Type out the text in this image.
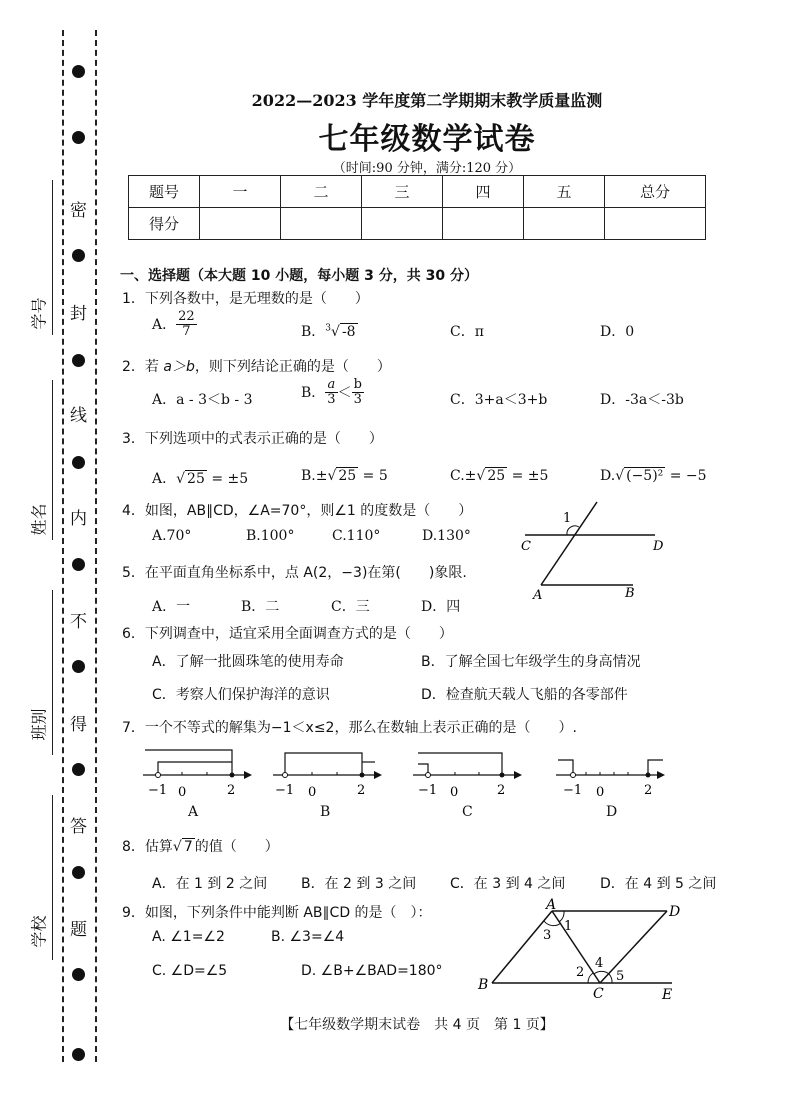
密
封
线
内
不
得
答
题
学号
姓名
班别
学校
2022—2023 学年度第二学期期末教学质量监测
七年级数学试卷
（时间:90 分钟，满分:120 分）
题号	一	二	三	四	五	总分
得分						
一、选择题（本大题 10 小题，每小题 3 分，共 30 分）
1．下列各数中，是无理数的是（　　）
A． $\frac{22}{7}$	B．$^3$√ -8	C．π	D．0
2．若 a＞b，则下列结论正确的是（　　）
A．a - 3＜b - 3	B． $\frac{a}{3} < \frac{b}{3}$	C．3+a＜3+b	D．-3a＜-3b
3．下列选项中的式表示正确的是（　　）
A．√ 25 = ±5	B.±√ 25 = 5	C.±√ 25 = ±5	D.√ (−5)² = −5
4．如图，AB∥CD，∠A=70°，则∠1 的度数是（　　）
A.70°	B.100°	C.110°	D.130°
1
C	D
A	B
5．在平面直角坐标系中，点 A(2，−3)在第(　　)象限.
A．一	B．二	C．三	D．四
6．下列调查中，适宜采用全面调查方式的是（　　）
A．了解一批圆珠笔的使用寿命	B．了解全国七年级学生的身高情况
C．考察人们保护海洋的意识	D．检查航天载人飞船的各零部件
7．一个不等式的解集为−1＜x≤2，那么在数轴上表示正确的是（　　）.
−1 0	2
A
−1 0	2
B
−1 0	2
C
−1 0	2
D
8．估算√ 7 的值（　　）
A．在 1 到 2 之间 B．在 2 到 3 之间 C．在 3 到 4 之间 D．在 4 到 5 之间
9．如图，下列条件中能判断 AB∥CD 的是（　）：
A. ∠1=∠2	B. ∠3=∠4
C. ∠D=∠5	D. ∠B+∠BAD=180°
A	D
B
C	E
1
3
2
4
5
【七年级数学期末试卷　共 4 页　第 1 页】
